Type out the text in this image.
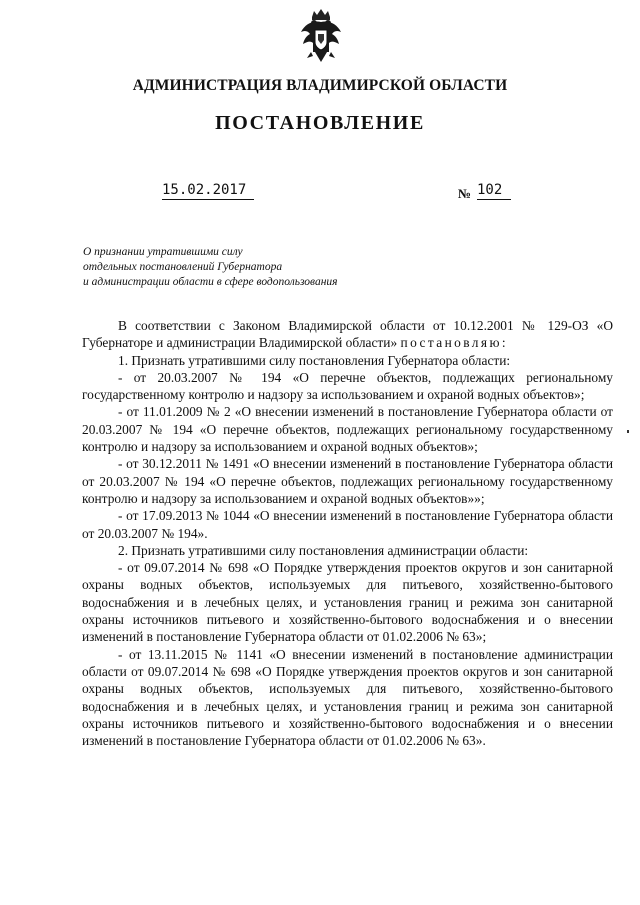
АДМИНИСТРАЦИЯ ВЛАДИМИРСКОЙ ОБЛАСТИ
ПОСТАНОВЛЕНИЕ
15.02.2017	№ 102
О признании утратившими силу
отдельных постановлений Губернатора
и администрации области в сфере водопользования

В соответствии с Законом Владимирской области от 10.12.2001 № 129-ОЗ «О Губернаторе и администрации Владимирской области» постановляю:

1. Признать утратившими силу постановления Губернатора области:

- от 20.03.2007 № 194 «О перечне объектов, подлежащих региональному государственному контролю и надзору за использованием и охраной водных объектов»;

- от 11.01.2009 № 2 «О внесении изменений в постановление Губернатора области от 20.03.2007 № 194 «О перечне объектов, подлежащих региональному государственному контролю и надзору за использованием и охраной водных объектов»;

- от 30.12.2011 № 1491 «О внесении изменений в постановление Губернатора области от 20.03.2007 № 194 «О перечне объектов, подлежащих региональному государственному контролю и надзору за использованием и охраной водных объектов»»;

- от 17.09.2013 № 1044 «О внесении изменений в постановление Губернатора области от 20.03.2007 № 194».

2. Признать утратившими силу постановления администрации области:

- от 09.07.2014 № 698 «О Порядке утверждения проектов округов и зон санитарной охраны водных объектов, используемых для питьевого, хозяйственно-бытового водоснабжения и в лечебных целях, и установления границ и режима зон санитарной охраны источников питьевого и хозяйственно-бытового водоснабжения и о внесении изменений в постановление Губернатора области от 01.02.2006 № 63»;

- от 13.11.2015 № 1141 «О внесении изменений в постановление администрации области от 09.07.2014 № 698 «О Порядке утверждения проектов округов и зон санитарной охраны водных объектов, используемых для питьевого, хозяйственно-бытового водоснабжения и в лечебных целях, и установления границ и режима зон санитарной охраны источников питьевого и хозяйственно-бытового водоснабжения и о внесении изменений в постановление Губернатора области от 01.02.2006 № 63».
